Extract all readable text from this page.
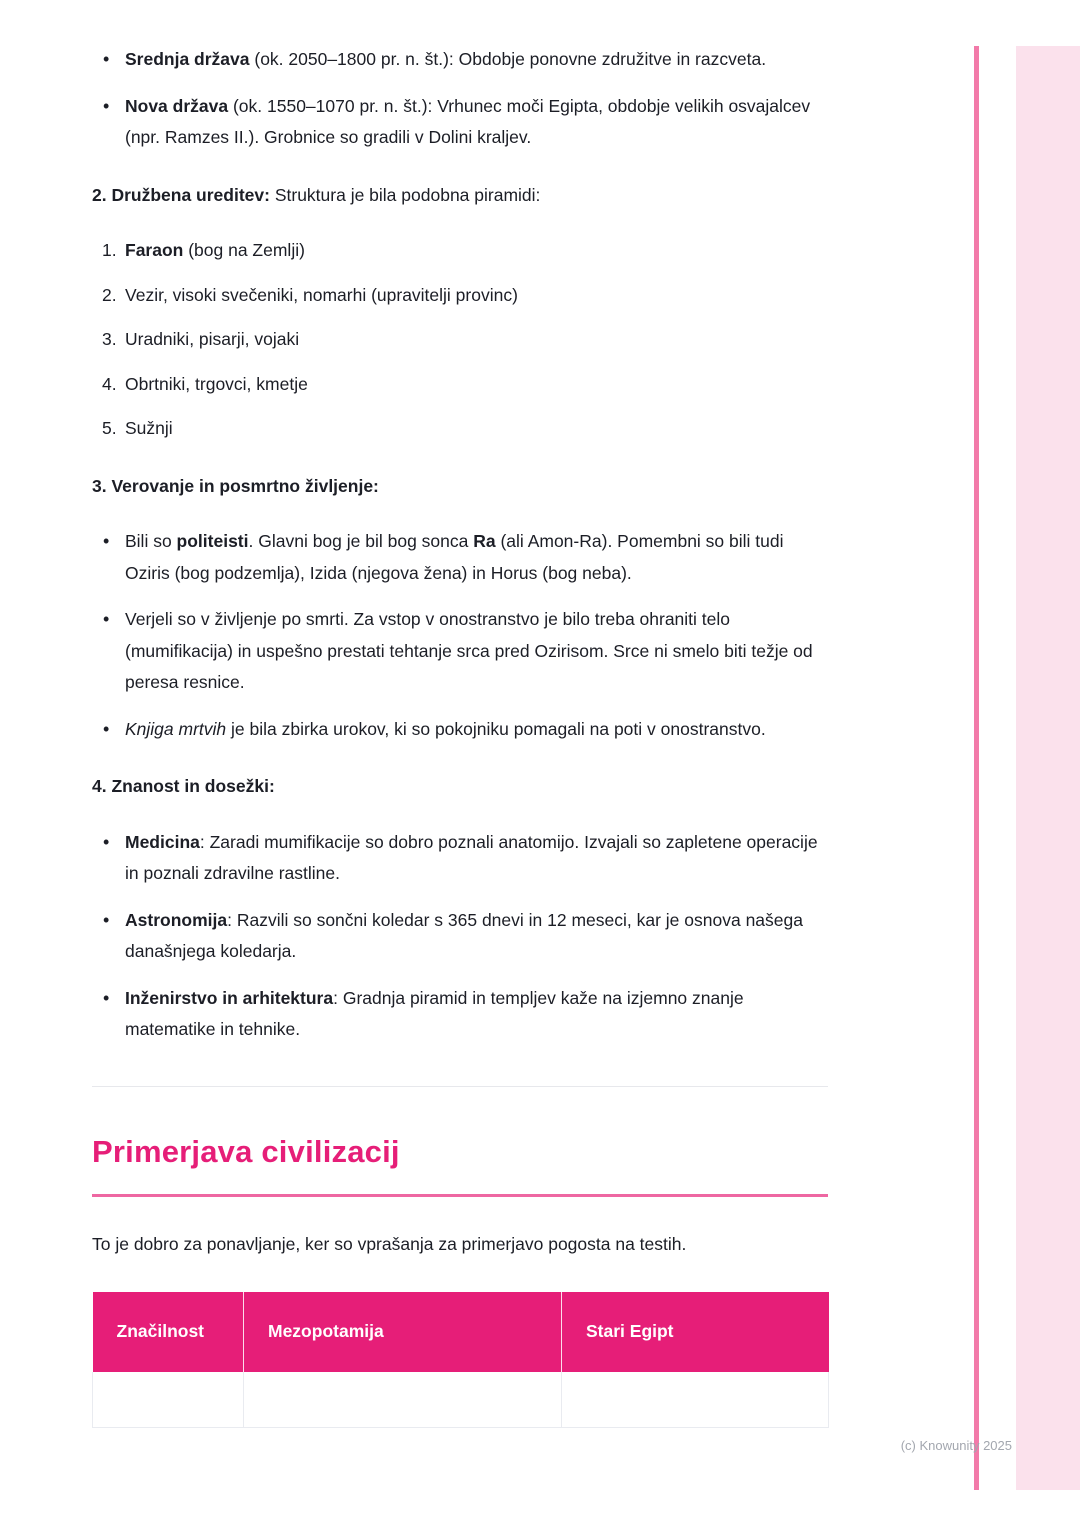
• Srednja država (ok. 2050–1800 pr. n. št.): Obdobje ponovne združitve in razcveta.
• Nova država (ok. 1550–1070 pr. n. št.): Vrhunec moči Egipta, obdobje velikih osvajalcev (npr. Ramzes II.). Grobnice so gradili v Dolini kraljev.

2. Družbena ureditev: Struktura je bila podobna piramidi:

1. Faraon (bog na Zemlji)
2. Vezir, visoki svečeniki, nomarhi (upravitelji provinc)
3. Uradniki, pisarji, vojaki
4. Obrtniki, trgovci, kmetje
5. Sužnji

3. Verovanje in posmrtno življenje:

• Bili so politeisti. Glavni bog je bil bog sonca Ra (ali Amon-Ra). Pomembni so bili tudi Oziris (bog podzemlja), Izida (njegova žena) in Horus (bog neba).
• Verjeli so v življenje po smrti. Za vstop v onostranstvo je bilo treba ohraniti telo (mumifikacija) in uspešno prestati tehtanje srca pred Ozirisom. Srce ni smelo biti težje od peresa resnice.
• Knjiga mrtvih je bila zbirka urokov, ki so pokojniku pomagali na poti v onostranstvo.

4. Znanost in dosežki:

• Medicina: Zaradi mumifikacije so dobro poznali anatomijo. Izvajali so zapletene operacije in poznali zdravilne rastline.
• Astronomija: Razvili so sončni koledar s 365 dnevi in 12 meseci, kar je osnova našega današnjega koledarja.
• Inženirstvo in arhitektura: Gradnja piramid in templjev kaže na izjemno znanje matematike in tehnike.
Primerjava civilizacij

To je dobro za ponavljanje, ker so vprašanja za primerjavo pogosta na testih.

Značilnost	Mezopotamija	Stari Egipt

(c) Knowunity 2025
